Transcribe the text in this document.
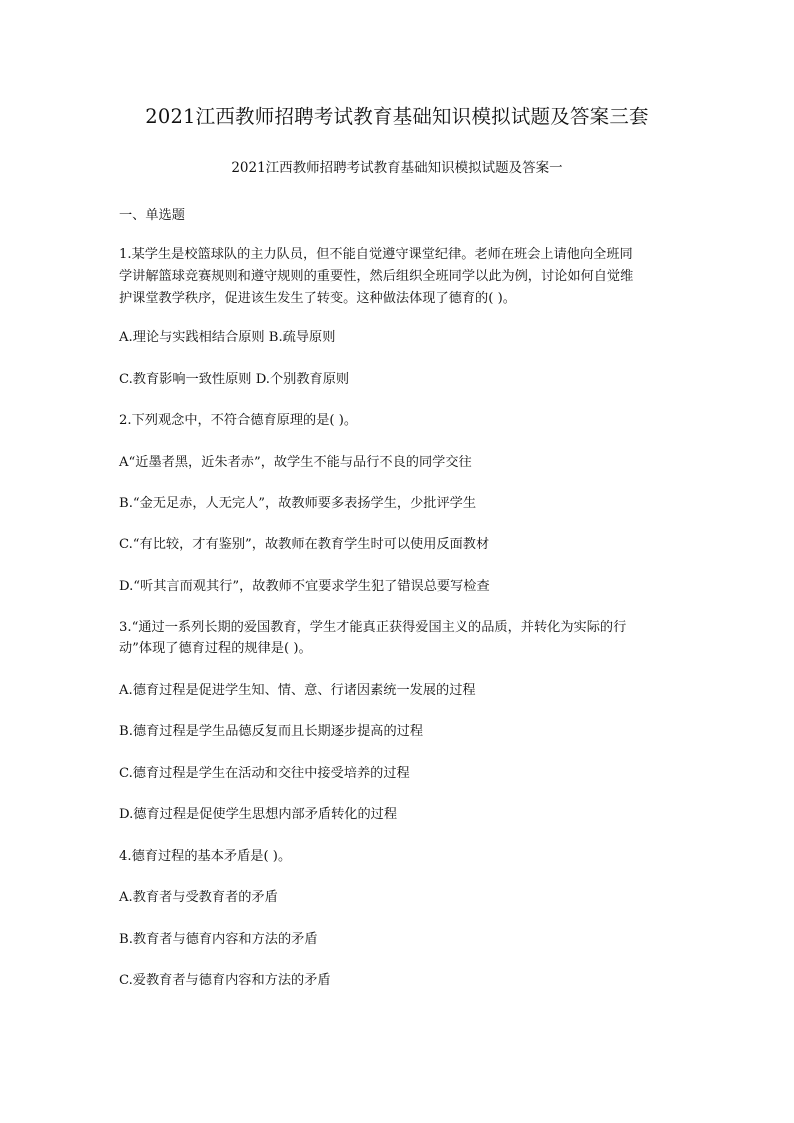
2021江西教师招聘考试教育基础知识模拟试题及答案三套
2021江西教师招聘考试教育基础知识模拟试题及答案一
一、单选题
1.某学生是校篮球队的主力队员，但不能自觉遵守课堂纪律。老师在班会上请他向全班同
学讲解篮球竞赛规则和遵守规则的重要性，然后组织全班同学以此为例，讨论如何自觉维
护课堂教学秩序，促进该生发生了转变。这种做法体现了德育的( )。
A.理论与实践相结合原则 B.疏导原则
C.教育影响一致性原则 D.个别教育原则
2.下列观念中，不符合德育原理的是( )。
A“近墨者黑，近朱者赤”，故学生不能与品行不良的同学交往
B.“金无足赤，人无完人”，故教师要多表扬学生，少批评学生
C.“有比较，才有鉴别”，故教师在教育学生时可以使用反面教材
D.“听其言而观其行”，故教师不宜要求学生犯了错误总要写检查
3.“通过一系列长期的爱国教育，学生才能真正获得爱国主义的品质，并转化为实际的行
动”体现了德育过程的规律是( )。
A.德育过程是促进学生知、情、意、行诸因素统一发展的过程
B.德育过程是学生品德反复而且长期逐步提高的过程
C.德育过程是学生在活动和交往中接受培养的过程
D.德育过程是促使学生思想内部矛盾转化的过程
4.德育过程的基本矛盾是( )。
A.教育者与受教育者的矛盾
B.教育者与德育内容和方法的矛盾
C.爱教育者与德育内容和方法的矛盾
